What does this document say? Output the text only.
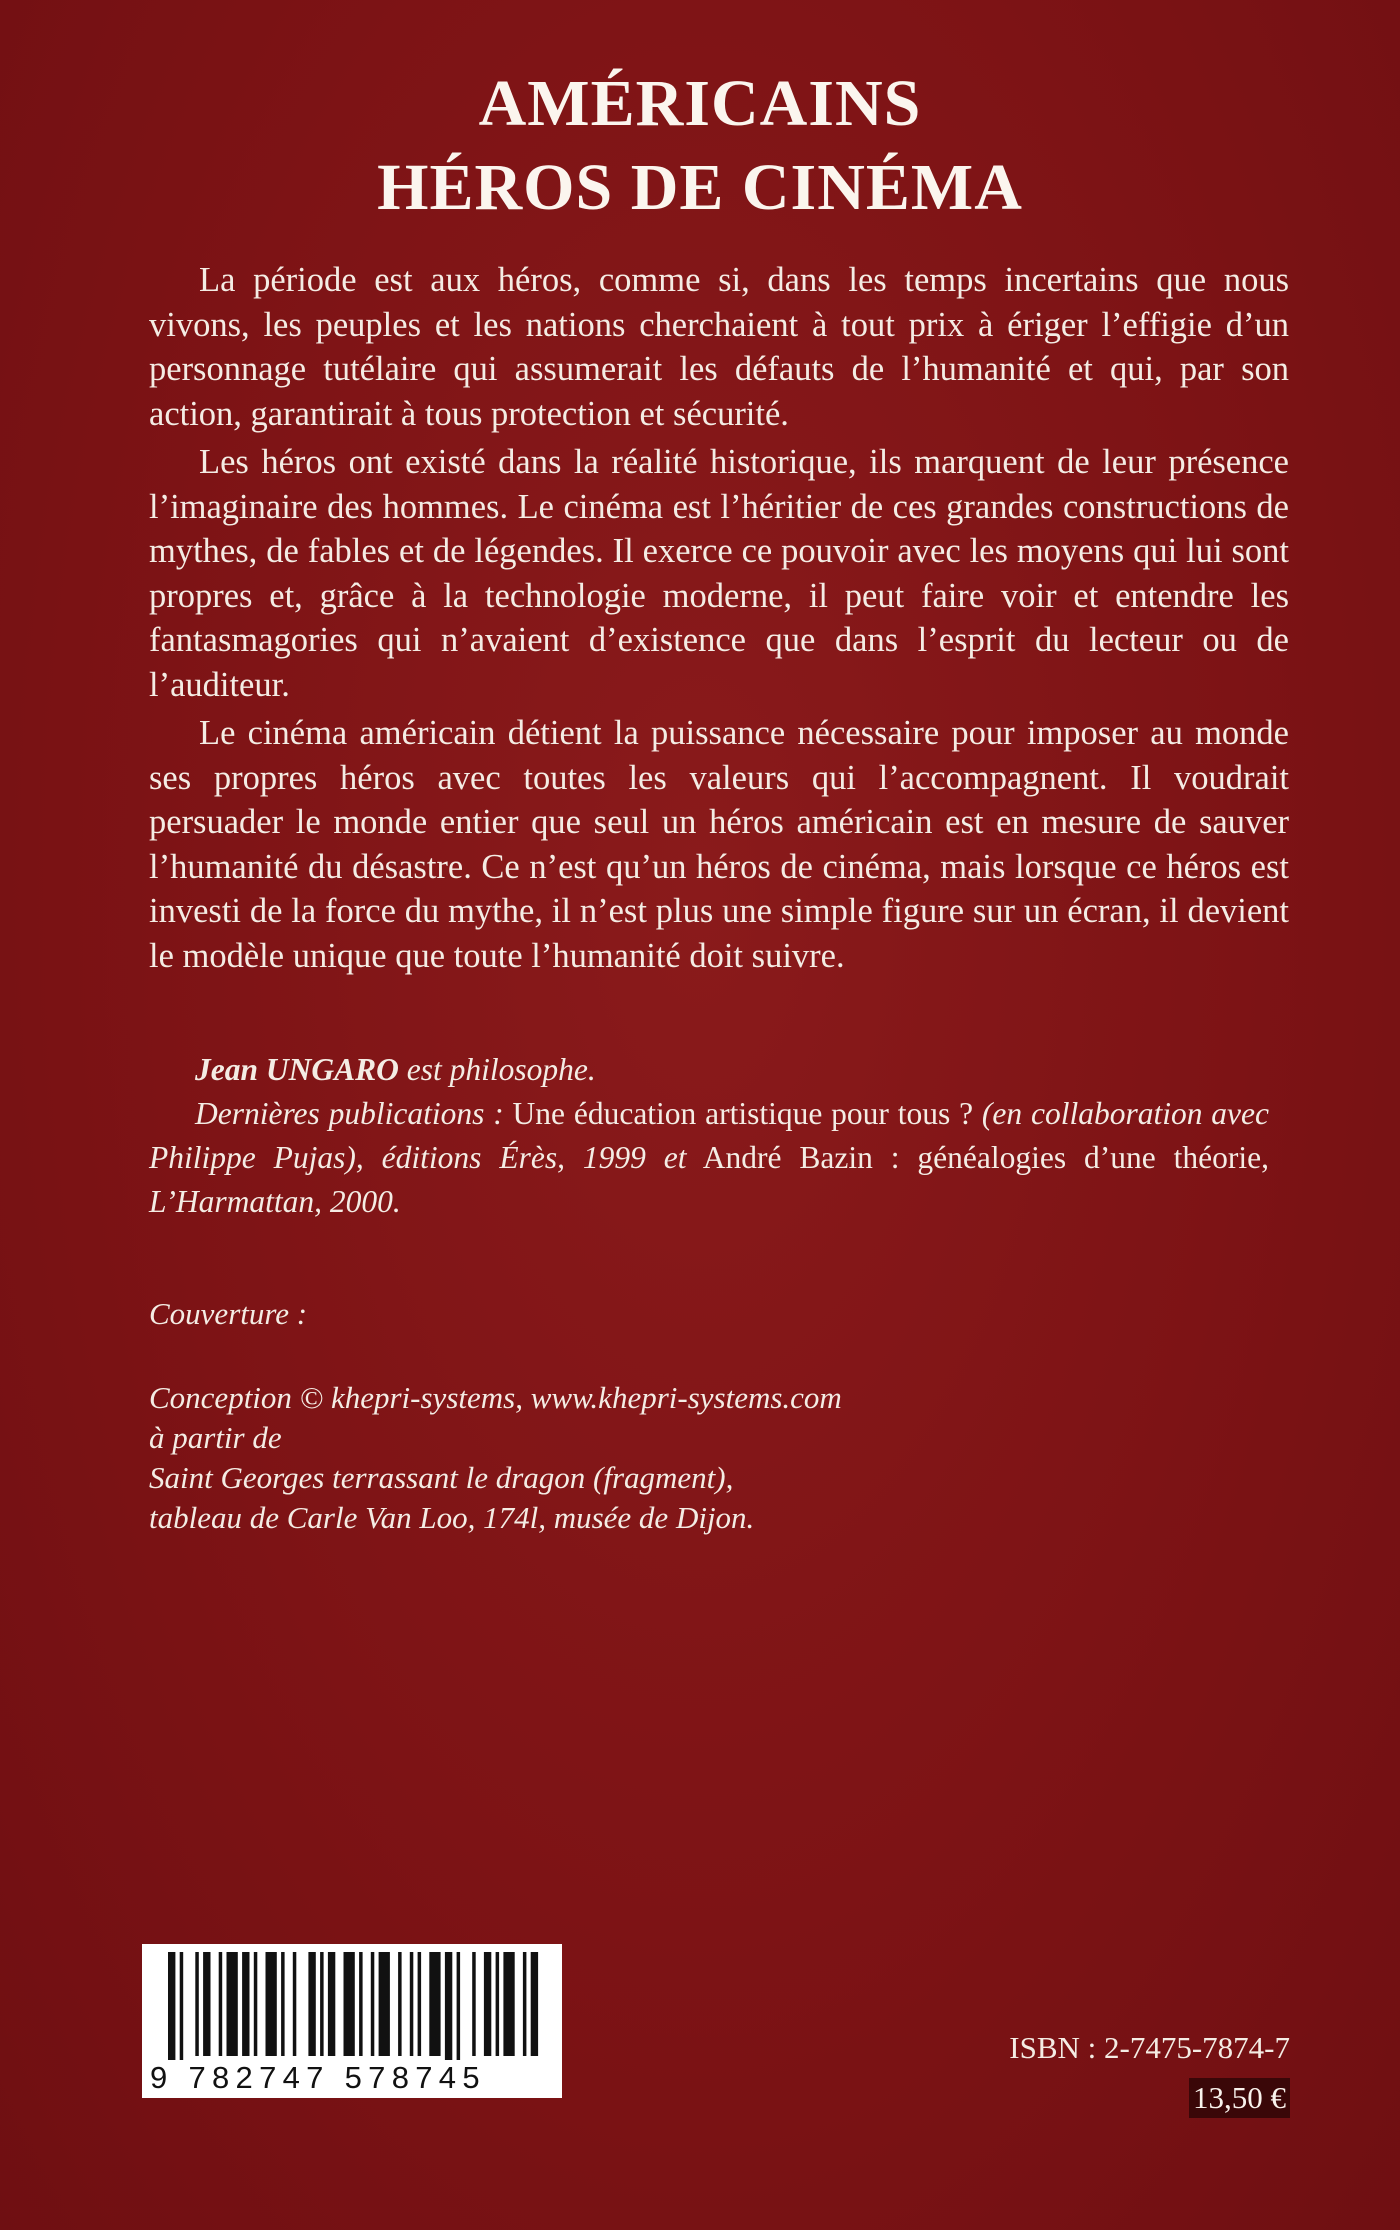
AMÉRICAINS
HÉROS DE CINÉMA

La période est aux héros, comme si, dans les temps incertains que nous vivons, les peuples et les nations cherchaient à tout prix à ériger l’effigie d’un personnage tutélaire qui assumerait les défauts de l’humanité et qui, par son action, garantirait à tous protection et sécurité.

Les héros ont existé dans la réalité historique, ils marquent de leur présence l’imaginaire des hommes. Le cinéma est l’héritier de ces grandes constructions de mythes, de fables et de légendes. Il exerce ce pouvoir avec les moyens qui lui sont propres et, grâce à la technologie moderne, il peut faire voir et entendre les fantasmagories qui n’avaient d’existence que dans l’esprit du lecteur ou de l’auditeur.

Le cinéma américain détient la puissance nécessaire pour imposer au monde ses propres héros avec toutes les valeurs qui l’accompagnent. Il voudrait persuader le monde entier que seul un héros américain est en mesure de sauver l’humanité du désastre. Ce n’est qu’un héros de cinéma, mais lorsque ce héros est investi de la force du mythe, il n’est plus une simple figure sur un écran, il devient le modèle unique que toute l’humanité doit suivre.

Jean UNGARO est philosophe.

Dernières publications : Une éducation artistique pour tous ? (en collaboration avec Philippe Pujas), éditions Érès, 1999 et André Bazin : généalogies d’une théorie, L’Harmattan, 2000.

Couverture :
Conception © khepri-systems, www.khepri-systems.com
à partir de
Saint Georges terrassant le dragon (fragment),
tableau de Carle Van Loo, 174l, musée de Dijon.
9 782747 578745
ISBN : 2-7475-7874-7
13,50 €
